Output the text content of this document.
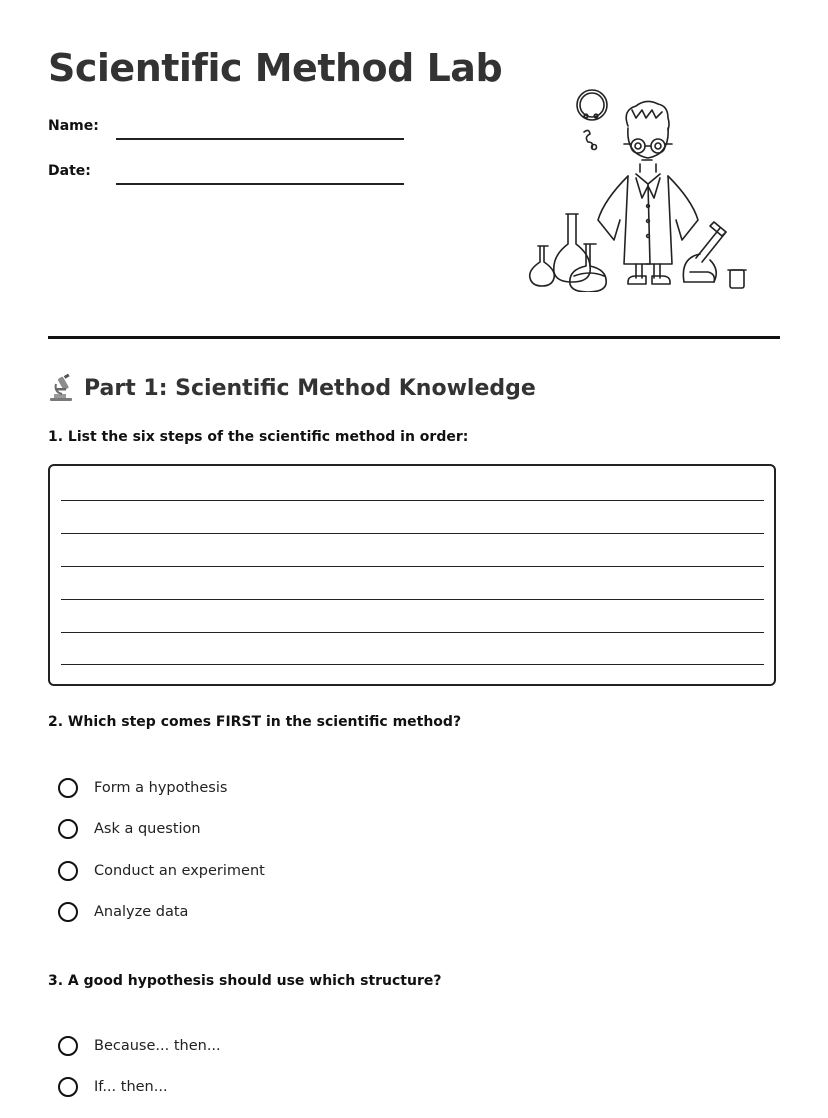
Scientific Method Lab
Name:
Date:
Part 1: Scientific Method Knowledge
1. List the six steps of the scientific method in order:
2. Which step comes FIRST in the scientific method?
Form a hypothesis
Ask a question
Conduct an experiment
Analyze data
3. A good hypothesis should use which structure?
Because... then...
If... then...
